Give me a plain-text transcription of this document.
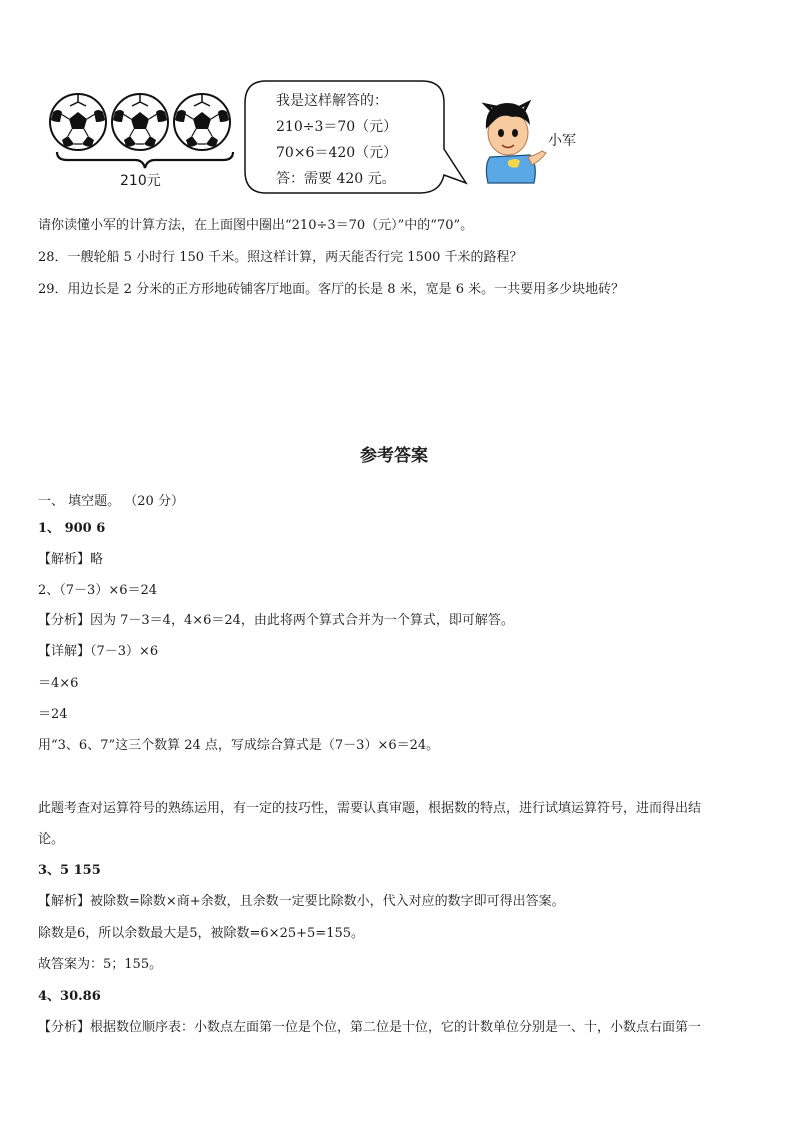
210元
我是这样解答的：
210÷3＝70（元）
70×6＝420（元）
答：需要 420 元。
小军
请你读懂小军的计算方法，在上面图中圈出“210÷3＝70（元）”中的“70”。
28．一艘轮船 5 小时行 150 千米。照这样计算，两天能否行完 1500 千米的路程？
29．用边长是 2 分米的正方形地砖铺客厅地面。客厅的长是 8 米，宽是 6 米。一共要用多少块地砖？
参考答案
一、 填空题。 （20 分）
1、 900 6
【解析】略
2、（7－3）×6＝24
【分析】因为 7－3＝4，4×6＝24，由此将两个算式合并为一个算式，即可解答。
【详解】（7－3）×6
＝4×6
＝24
用“3、6、7”这三个数算 24 点，写成综合算式是（7－3）×6＝24。
此题考查对运算符号的熟练运用，有一定的技巧性，需要认真审题，根据数的特点，进行试填运算符号，进而得出结
论。
3、5 155
【解析】被除数=除数×商+余数，且余数一定要比除数小，代入对应的数字即可得出答案。
除数是6，所以余数最大是5，被除数=6×25+5=155。
故答案为：5；155。
4、30.86
【分析】根据数位顺序表：小数点左面第一位是个位，第二位是十位，它的计数单位分别是一、十，小数点右面第一
